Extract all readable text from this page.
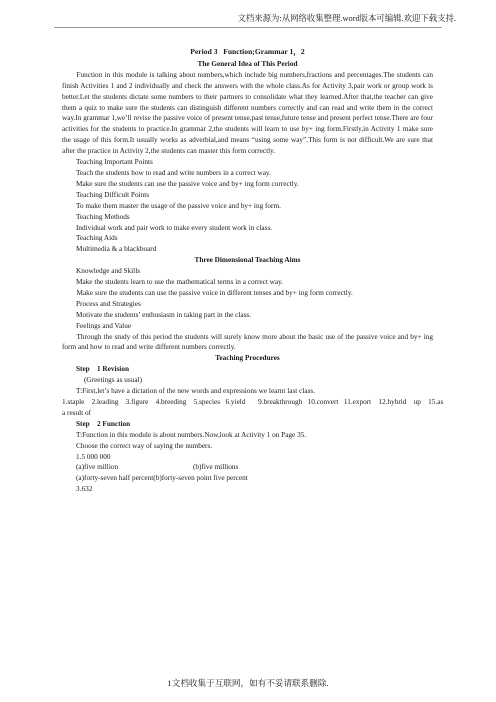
文档来源为:从网络收集整理.word版本可编辑.欢迎下载支持.

Period 3   Function;Grammar 1，2

The General Idea of This Period

Function in this module is talking about numbers,which include big numbers,fractions and percentages.The students can finish Activities 1 and 2 individually and check the answers with the whole class.As for Activity 3,pair work or group work is better.Let the students dictate some numbers to their partners to consolidate what they learned.After that,the teacher can give them a quiz to make sure the students can distinguish different numbers correctly and can read and write them in the correct way.In grammar 1,we’ll revise the passive voice of present tense,past tense,future tense and present perfect tense.There are four activities for the students to practice.In grammar 2,the students will learn to use by+ ing form.Firstly,in Activity 1 make sure the usage of this form.It usually works as adverbial,and means “using some way”.This form is not difficult.We are sure that after the practice in Activity 2,the students can master this form correctly.

Teaching Important Points

Teach the students how to read and write numbers in a correct way.

Make sure the students can use the passive voice and by+ ing form correctly.

Teaching Difficult Points

To make them master the usage of the passive voice and by+ ing form.

Teaching Methods

Individual work and pair work to make every student work in class.

Teaching Aids

Multimedia & a blackboard

Three Dimensional Teaching Aims

Knowledge and Skills

Make the students learn to use the mathematical terms in a correct way.

Make sure the students can use the passive voice in different tenses and by+ ing form correctly.

Process and Strategies

Motivate the students’ enthusiasm in taking part in the class.

Feelings and Value

Through the study of this period the students will surely know more about the basic use of the passive voice and by+ ing form and how to read and write different numbers correctly.

Teaching Procedures

Step    1 Revision

(Greetings as usual)

T:First,let’s have a dictation of the new words and expressions we learnt last class.

1.staple    2.leading    3.figure    4.breeding    5.species   6.yield       9.breakthrough   10.convert   11.export    12.hybrid    up    15.as a result of

Step    2 Function

T:Function in this module is about numbers.Now,look at Activity 1 on Page 35.

Choose the correct way of saying the numbers.

1.5 000 000

(a)five million	(b)five millions

(a)forty-seven half percent(b)forty-seven point five percent

3.632

1文档收集于互联网，如有不妥请联系删除.
